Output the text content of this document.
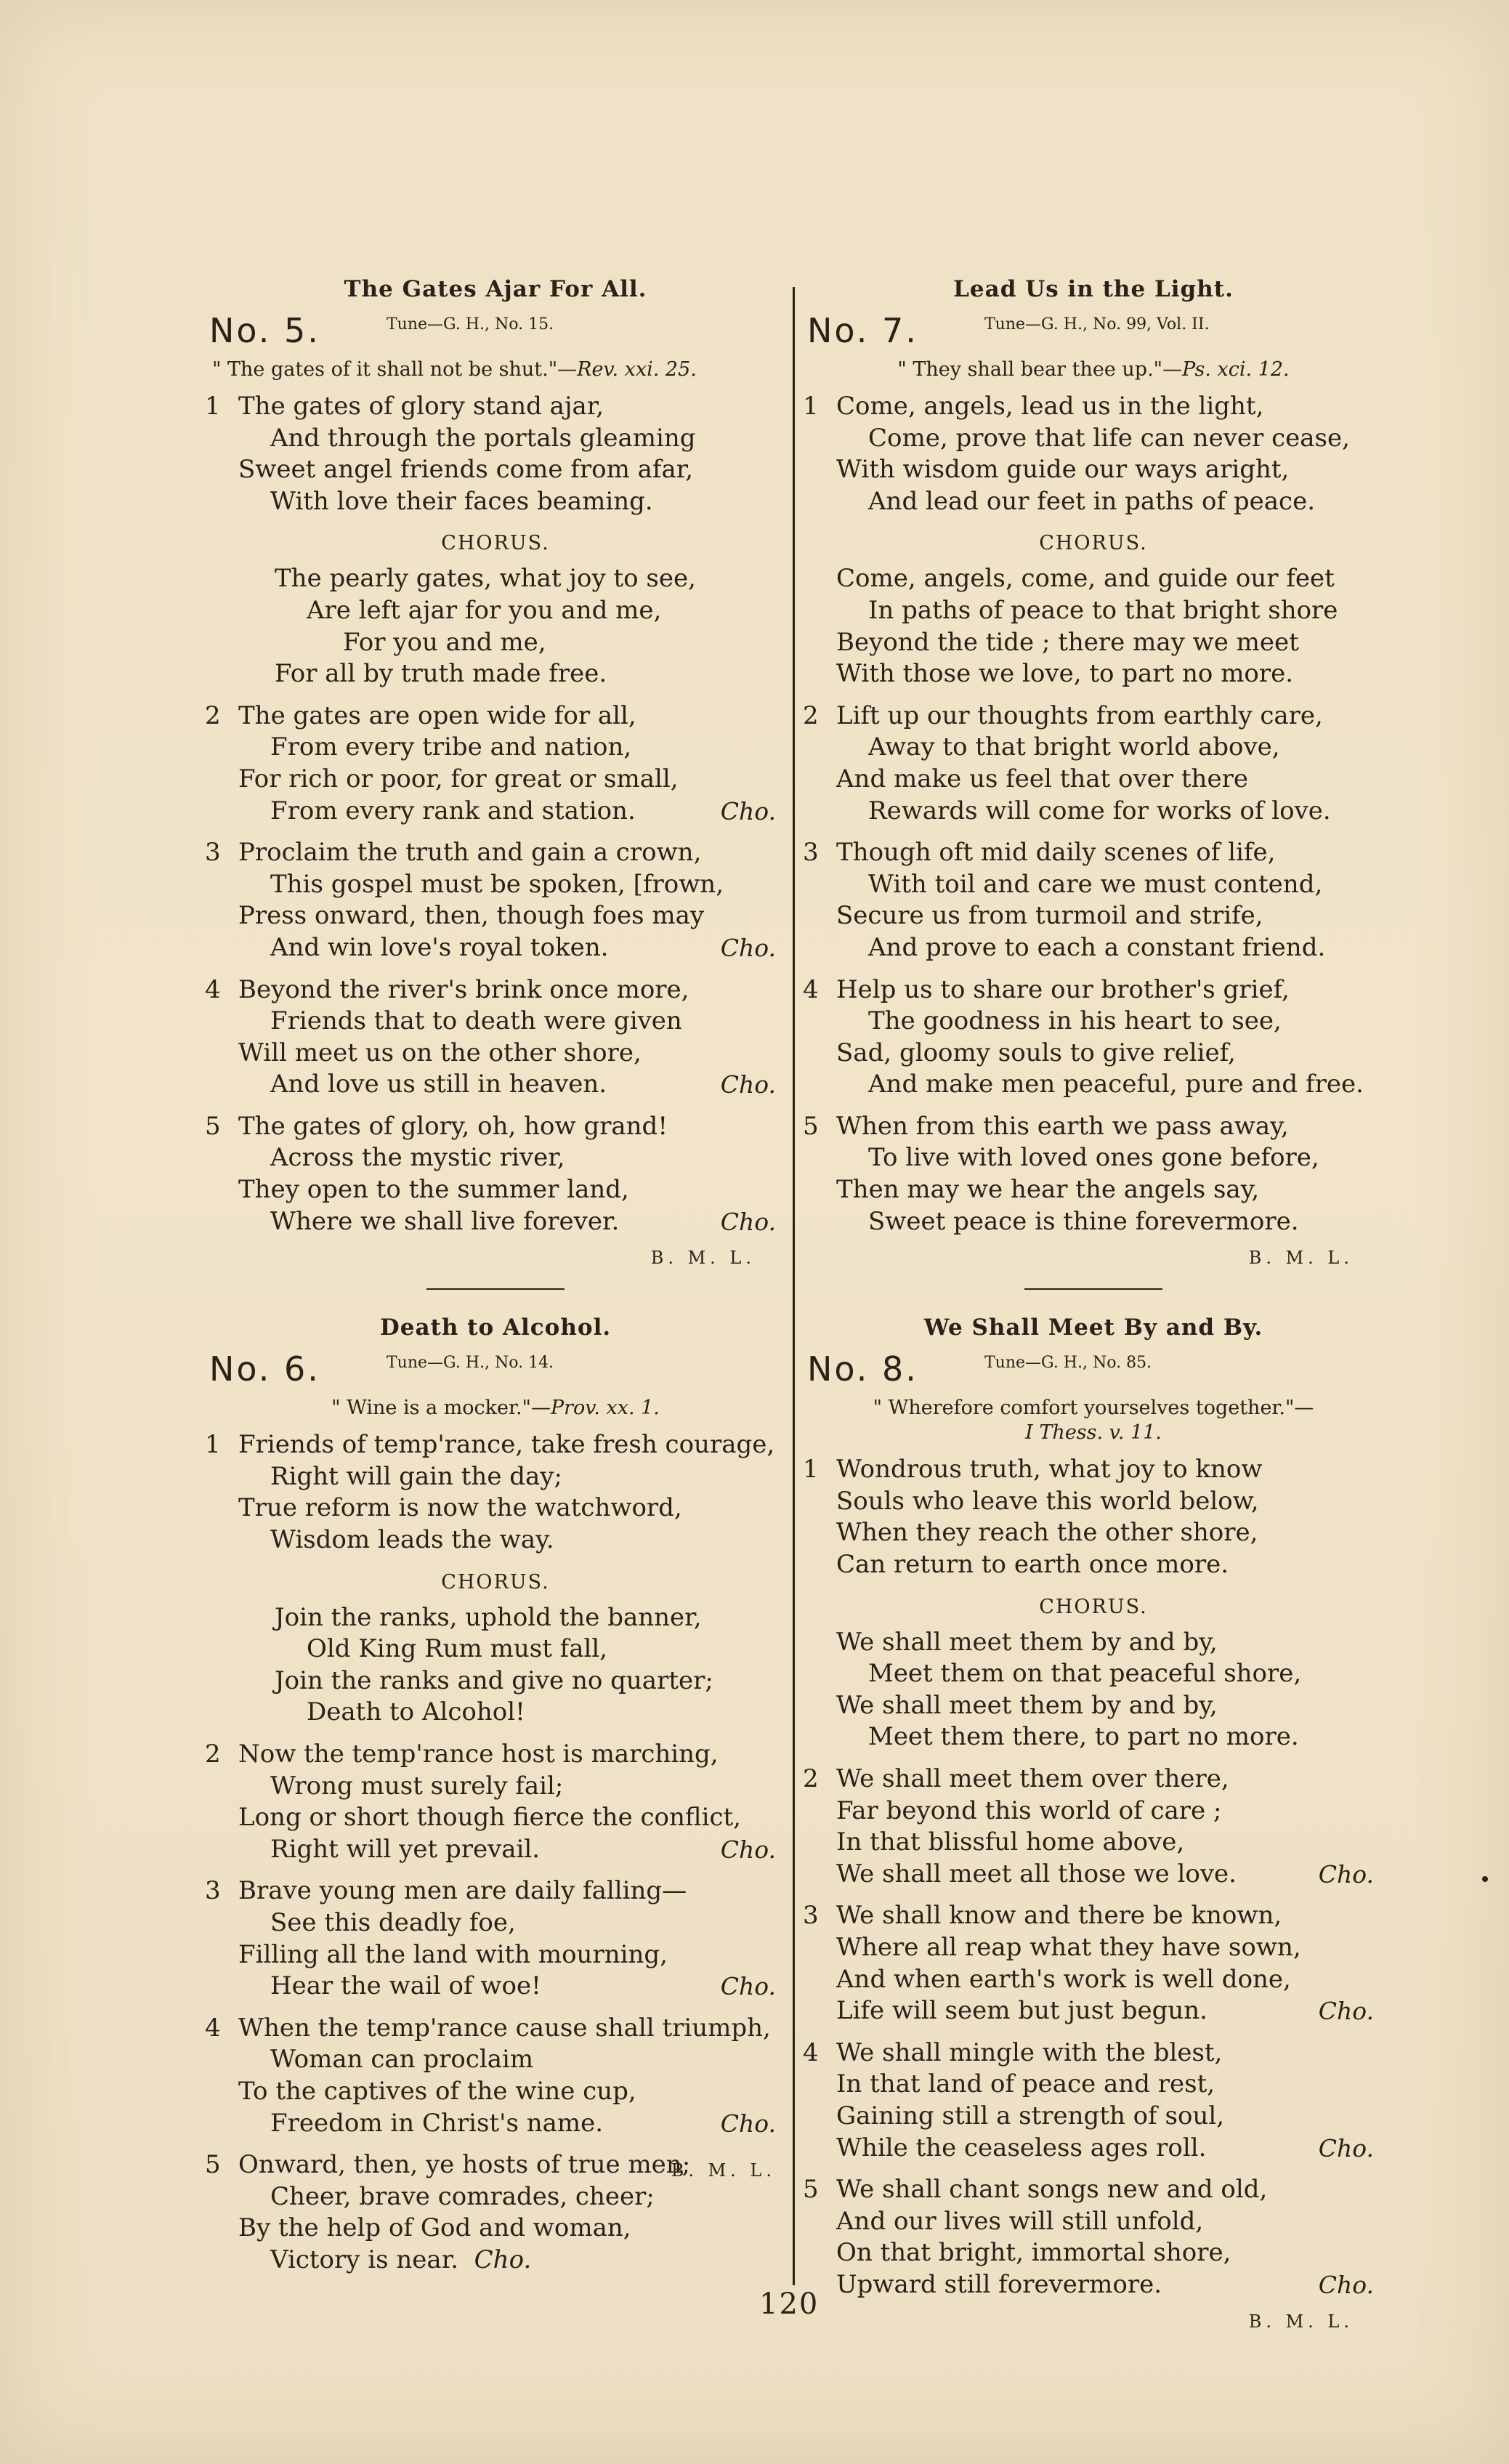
The Gates Ajar For All.
No. 5.	Tune—G. H., No. 15.
" The gates of it shall not be shut."—Rev. xxi. 25.
1 The gates of glory stand ajar,
And through the portals gleaming
Sweet angel friends come from afar,
With love their faces beaming.
CHORUS.
The pearly gates, what joy to see,
Are left ajar for you and me,
For you and me,
For all by truth made free.
2 The gates are open wide for all,
From every tribe and nation,
For rich or poor, for great or small,
From every rank and station.	Cho.
3 Proclaim the truth and gain a crown,
This gospel must be spoken, [frown,
Press onward, then, though foes may
And win love's royal token.	Cho.
4 Beyond the river's brink once more,
Friends that to death were given
Will meet us on the other shore,
And love us still in heaven.	Cho.
5 The gates of glory, oh, how grand!
Across the mystic river,
They open to the summer land,
Where we shall live forever.	Cho.
B. M. L.
Death to Alcohol.
No. 6.	Tune—G. H., No. 14.
" Wine is a mocker."—Prov. xx. 1.
1 Friends of temp'rance, take fresh courage,
Right will gain the day;
True reform is now the watchword,
Wisdom leads the way.
CHORUS.
Join the ranks, uphold the banner,
Old King Rum must fall,
Join the ranks and give no quarter;
Death to Alcohol!
2 Now the temp'rance host is marching,
Wrong must surely fail;
Long or short though fierce the conflict,
Right will yet prevail.	Cho.
3 Brave young men are daily falling—
See this deadly foe,
Filling all the land with mourning,
Hear the wail of woe!	Cho.
4 When the temp'rance cause shall triumph,
Woman can proclaim
To the captives of the wine cup,
Freedom in Christ's name.	Cho.
5 Onward, then, ye hosts of true men;
Cheer, brave comrades, cheer;
By the help of God and woman,
Victory is near. Cho.
B. M. L.
Lead Us in the Light.
No. 7.	Tune—G. H., No. 99, Vol. II.
" They shall bear thee up."—Ps. xci. 12.
1 Come, angels, lead us in the light,
Come, prove that life can never cease,
With wisdom guide our ways aright,
And lead our feet in paths of peace.
CHORUS.
Come, angels, come, and guide our feet
In paths of peace to that bright shore
Beyond the tide ; there may we meet
With those we love, to part no more.
2 Lift up our thoughts from earthly care,
Away to that bright world above,
And make us feel that over there
Rewards will come for works of love.
3 Though oft mid daily scenes of life,
With toil and care we must contend,
Secure us from turmoil and strife,
And prove to each a constant friend.
4 Help us to share our brother's grief,
The goodness in his heart to see,
Sad, gloomy souls to give relief,
And make men peaceful, pure and free.
5 When from this earth we pass away,
To live with loved ones gone before,
Then may we hear the angels say,
Sweet peace is thine forevermore.
B. M. L.
We Shall Meet By and By.
No. 8.	Tune—G. H., No. 85.
" Wherefore comfort yourselves together."—
I Thess. v. 11.
1 Wondrous truth, what joy to know
Souls who leave this world below,
When they reach the other shore,
Can return to earth once more.
CHORUS.
We shall meet them by and by,
Meet them on that peaceful shore,
We shall meet them by and by,
Meet them there, to part no more.
2 We shall meet them over there,
Far beyond this world of care ;
In that blissful home above,
We shall meet all those we love.	Cho.
3 We shall know and there be known,
Where all reap what they have sown,
And when earth's work is well done,
Life will seem but just begun.	Cho.
4 We shall mingle with the blest,
In that land of peace and rest,
Gaining still a strength of soul,
While the ceaseless ages roll.	Cho.
5 We shall chant songs new and old,
And our lives will still unfold,
On that bright, immortal shore,
Upward still forevermore.	Cho.
B. M. L.
120
